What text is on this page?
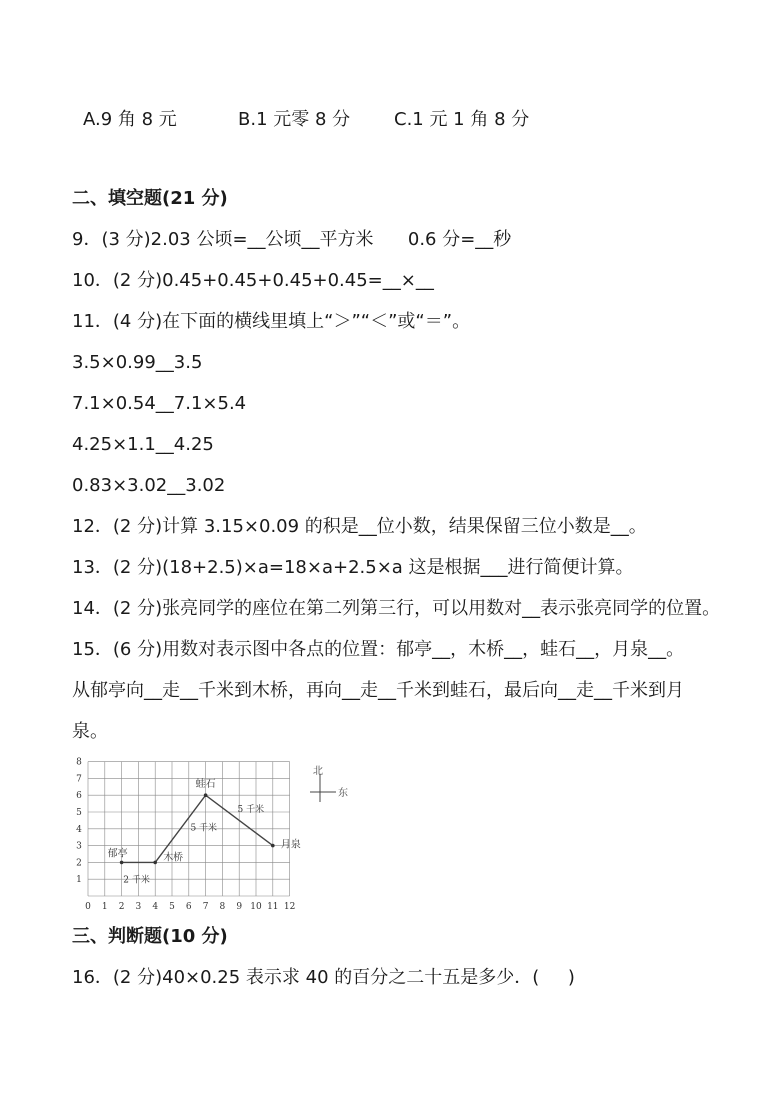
A.9 角 8 元	B.1 元零 8 分 C.1 元 1 角 8 分
二、填空题(21 分)
9．(3 分)2.03 公顷=__公顷__平方米      0.6 分=__秒
10．(2 分)0.45+0.45+0.45+0.45=__×__
11．(4 分)在下面的横线里填上“＞”“＜”或“＝”。
3.5×0.99__3.5
7.1×0.54__7.1×5.4
4.25×1.1__4.25
0.83×3.02__3.02
12．(2 分)计算 3.15×0.09 的积是__位小数，结果保留三位小数是__。
13．(2 分)(18+2.5)×a=18×a+2.5×a 这是根据___进行简便计算。
14．(2 分)张亮同学的座位在第二列第三行，可以用数对__表示张亮同学的位置。
15．(6 分)用数对表示图中各点的位置：郁亭__，木桥__，蛙石__，月泉__。
从郁亭向__走__千米到木桥，再向__走__千米到蛙石，最后向__走__千米到月
泉。
0 1 2 3 4 5 6 7 8 9 10 11 12
1
2
3
4
5
6
7
8
郁亭	木桥
蛙石
月泉
2 千米
5 千米
5 千米
北
东
三、判断题(10 分)
16．(2 分)40×0.25 表示求 40 的百分之二十五是多少．(     )
